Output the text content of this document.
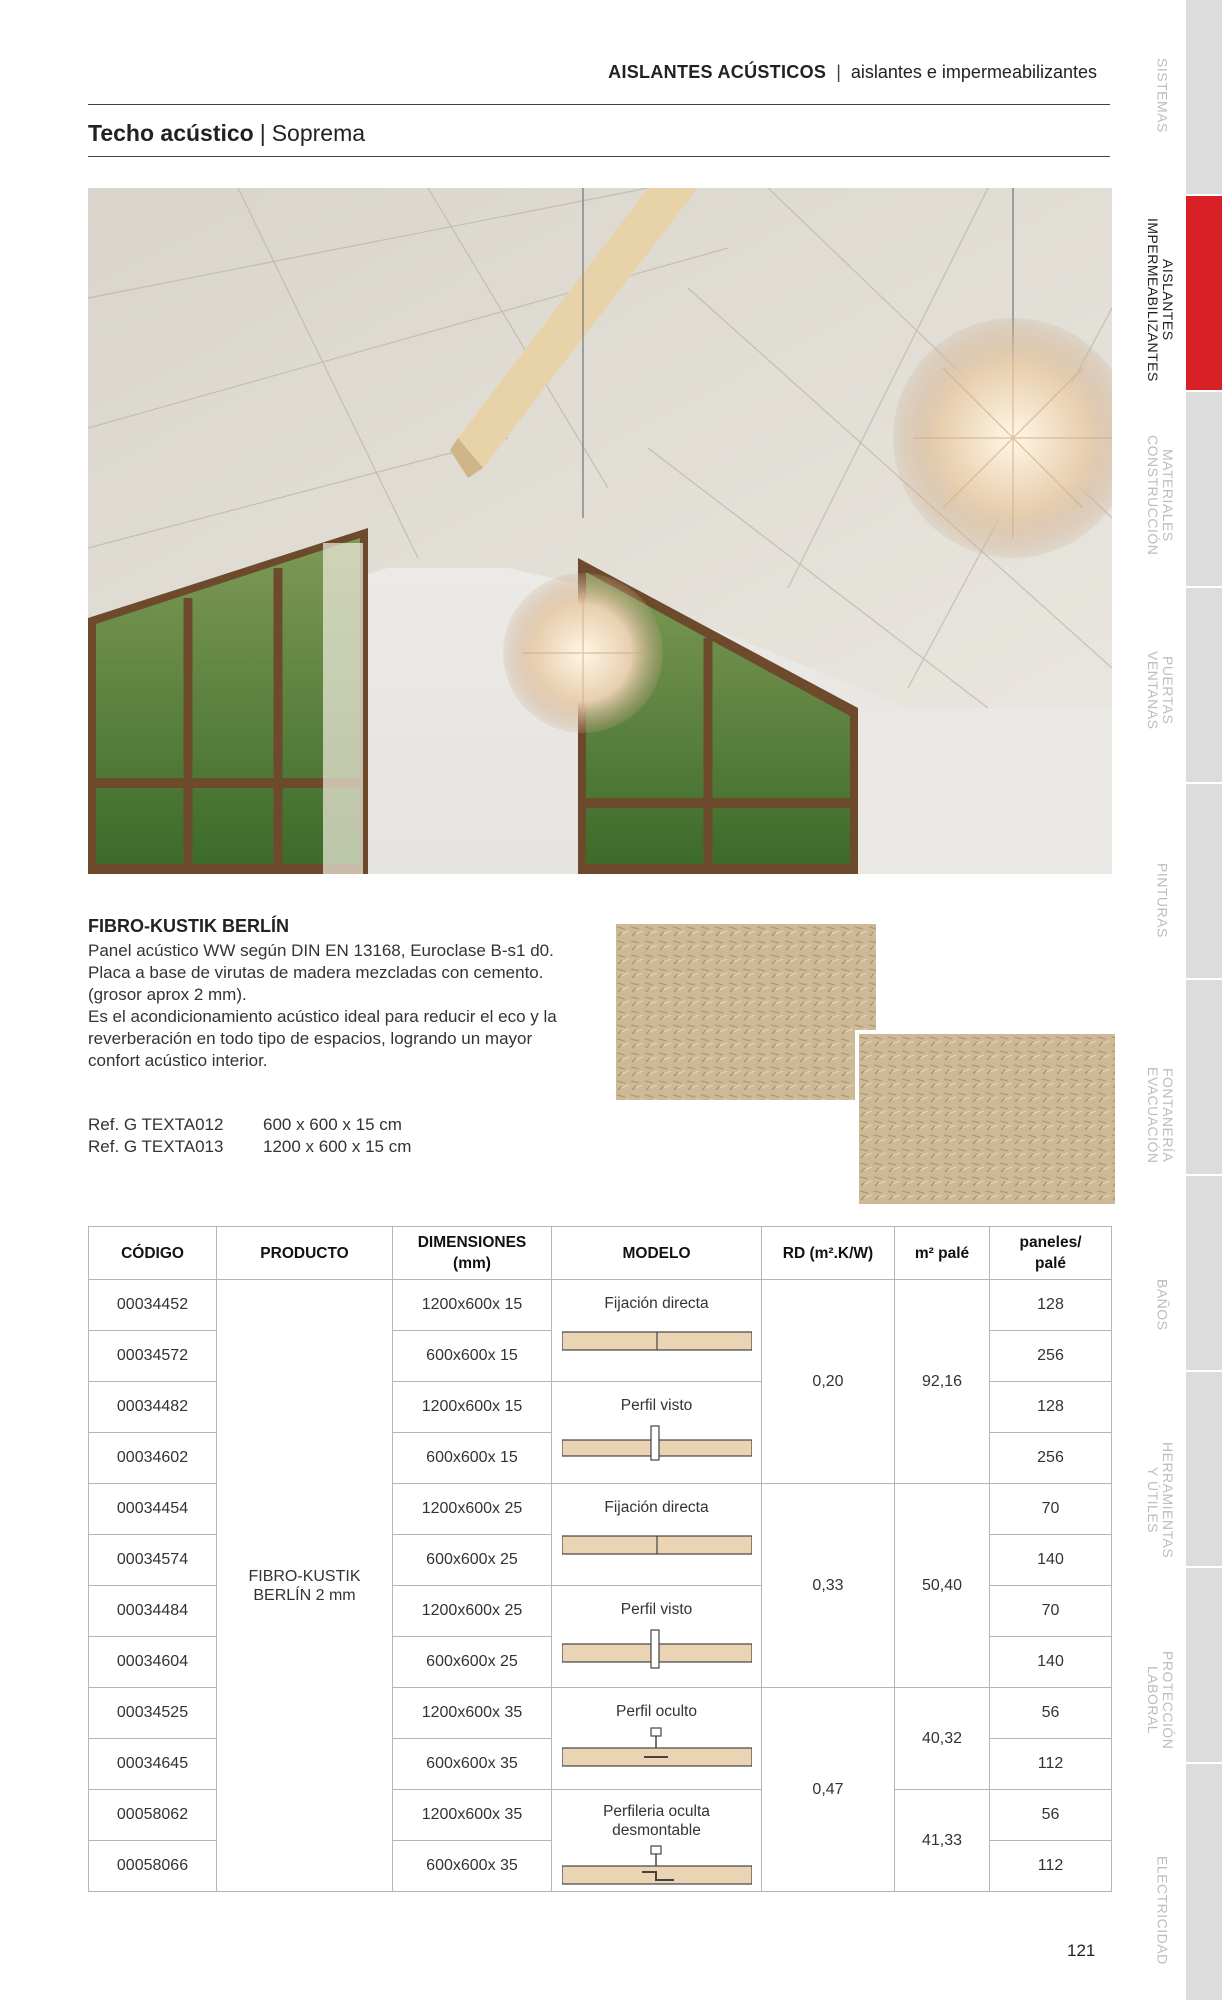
AISLANTES ACÚSTICOS | aislantes e impermeabilizantes
Techo acústico | Soprema
SISTEMAS
AISLANTES
IMPERMEABILIZANTES
MATERIALES
CONSTRUCCIÓN
PUERTAS
VENTANAS
PINTURAS
FONTANERÍA
EVACUACIÓN
BAÑOS
HERRAMIENTAS
Y ÚTILES
PROTECCIÓN
LABORAL
ELECTRICIDAD
FIBRO-KUSTIK BERLÍN

Panel acústico WW según DIN EN 13168, Euroclase B-s1 d0.

Placa a base de virutas de madera mezcladas con cemento. (grosor aprox 2 mm).

Es el acondicionamiento acústico ideal para reducir el eco y la reverberación en todo tipo de espacios, logrando un mayor confort acústico interior.

Ref. G TEXTA012	600 x 600 x 15 cm
Ref. G TEXTA013	1200 x 600 x 15 cm
CÓDIGO	PRODUCTO	DIMENSIONES (mm)	MODELO	RD (m².K/W)	m² palé	paneles/ palé
00034452	FIBRO-KUSTIK BERLÍN 2 mm	1200x600x 15	Fijación directa	0,20	92,16	128
00034572		600x600x 15				256
00034482		1200x600x 15	Perfil visto			128
00034602		600x600x 15				256
00034454		1200x600x 25	Fijación directa	0,33	50,40	70
00034574		600x600x 25				140
00034484		1200x600x 25	Perfil visto			70
00034604		600x600x 25				140
00034525		1200x600x 35	Perfil oculto	0,47	40,32	56
00034645		600x600x 35				112
00058062		1200x600x 35	Perfileria oculta desmontable		41,33	56
00058066		600x600x 35				112
121
